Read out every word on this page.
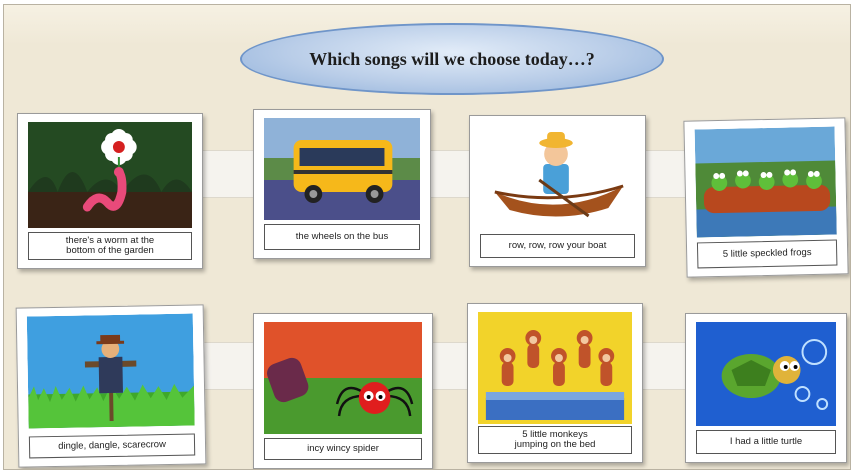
Which songs will we choose today…?
there's a worm at the
bottom of the garden
the wheels on the bus
row, row, row your boat
5 little speckled frogs
dingle, dangle, scarecrow	incy wincy spider
5 little monkeys
jumping on the bed	I had a little turtle
